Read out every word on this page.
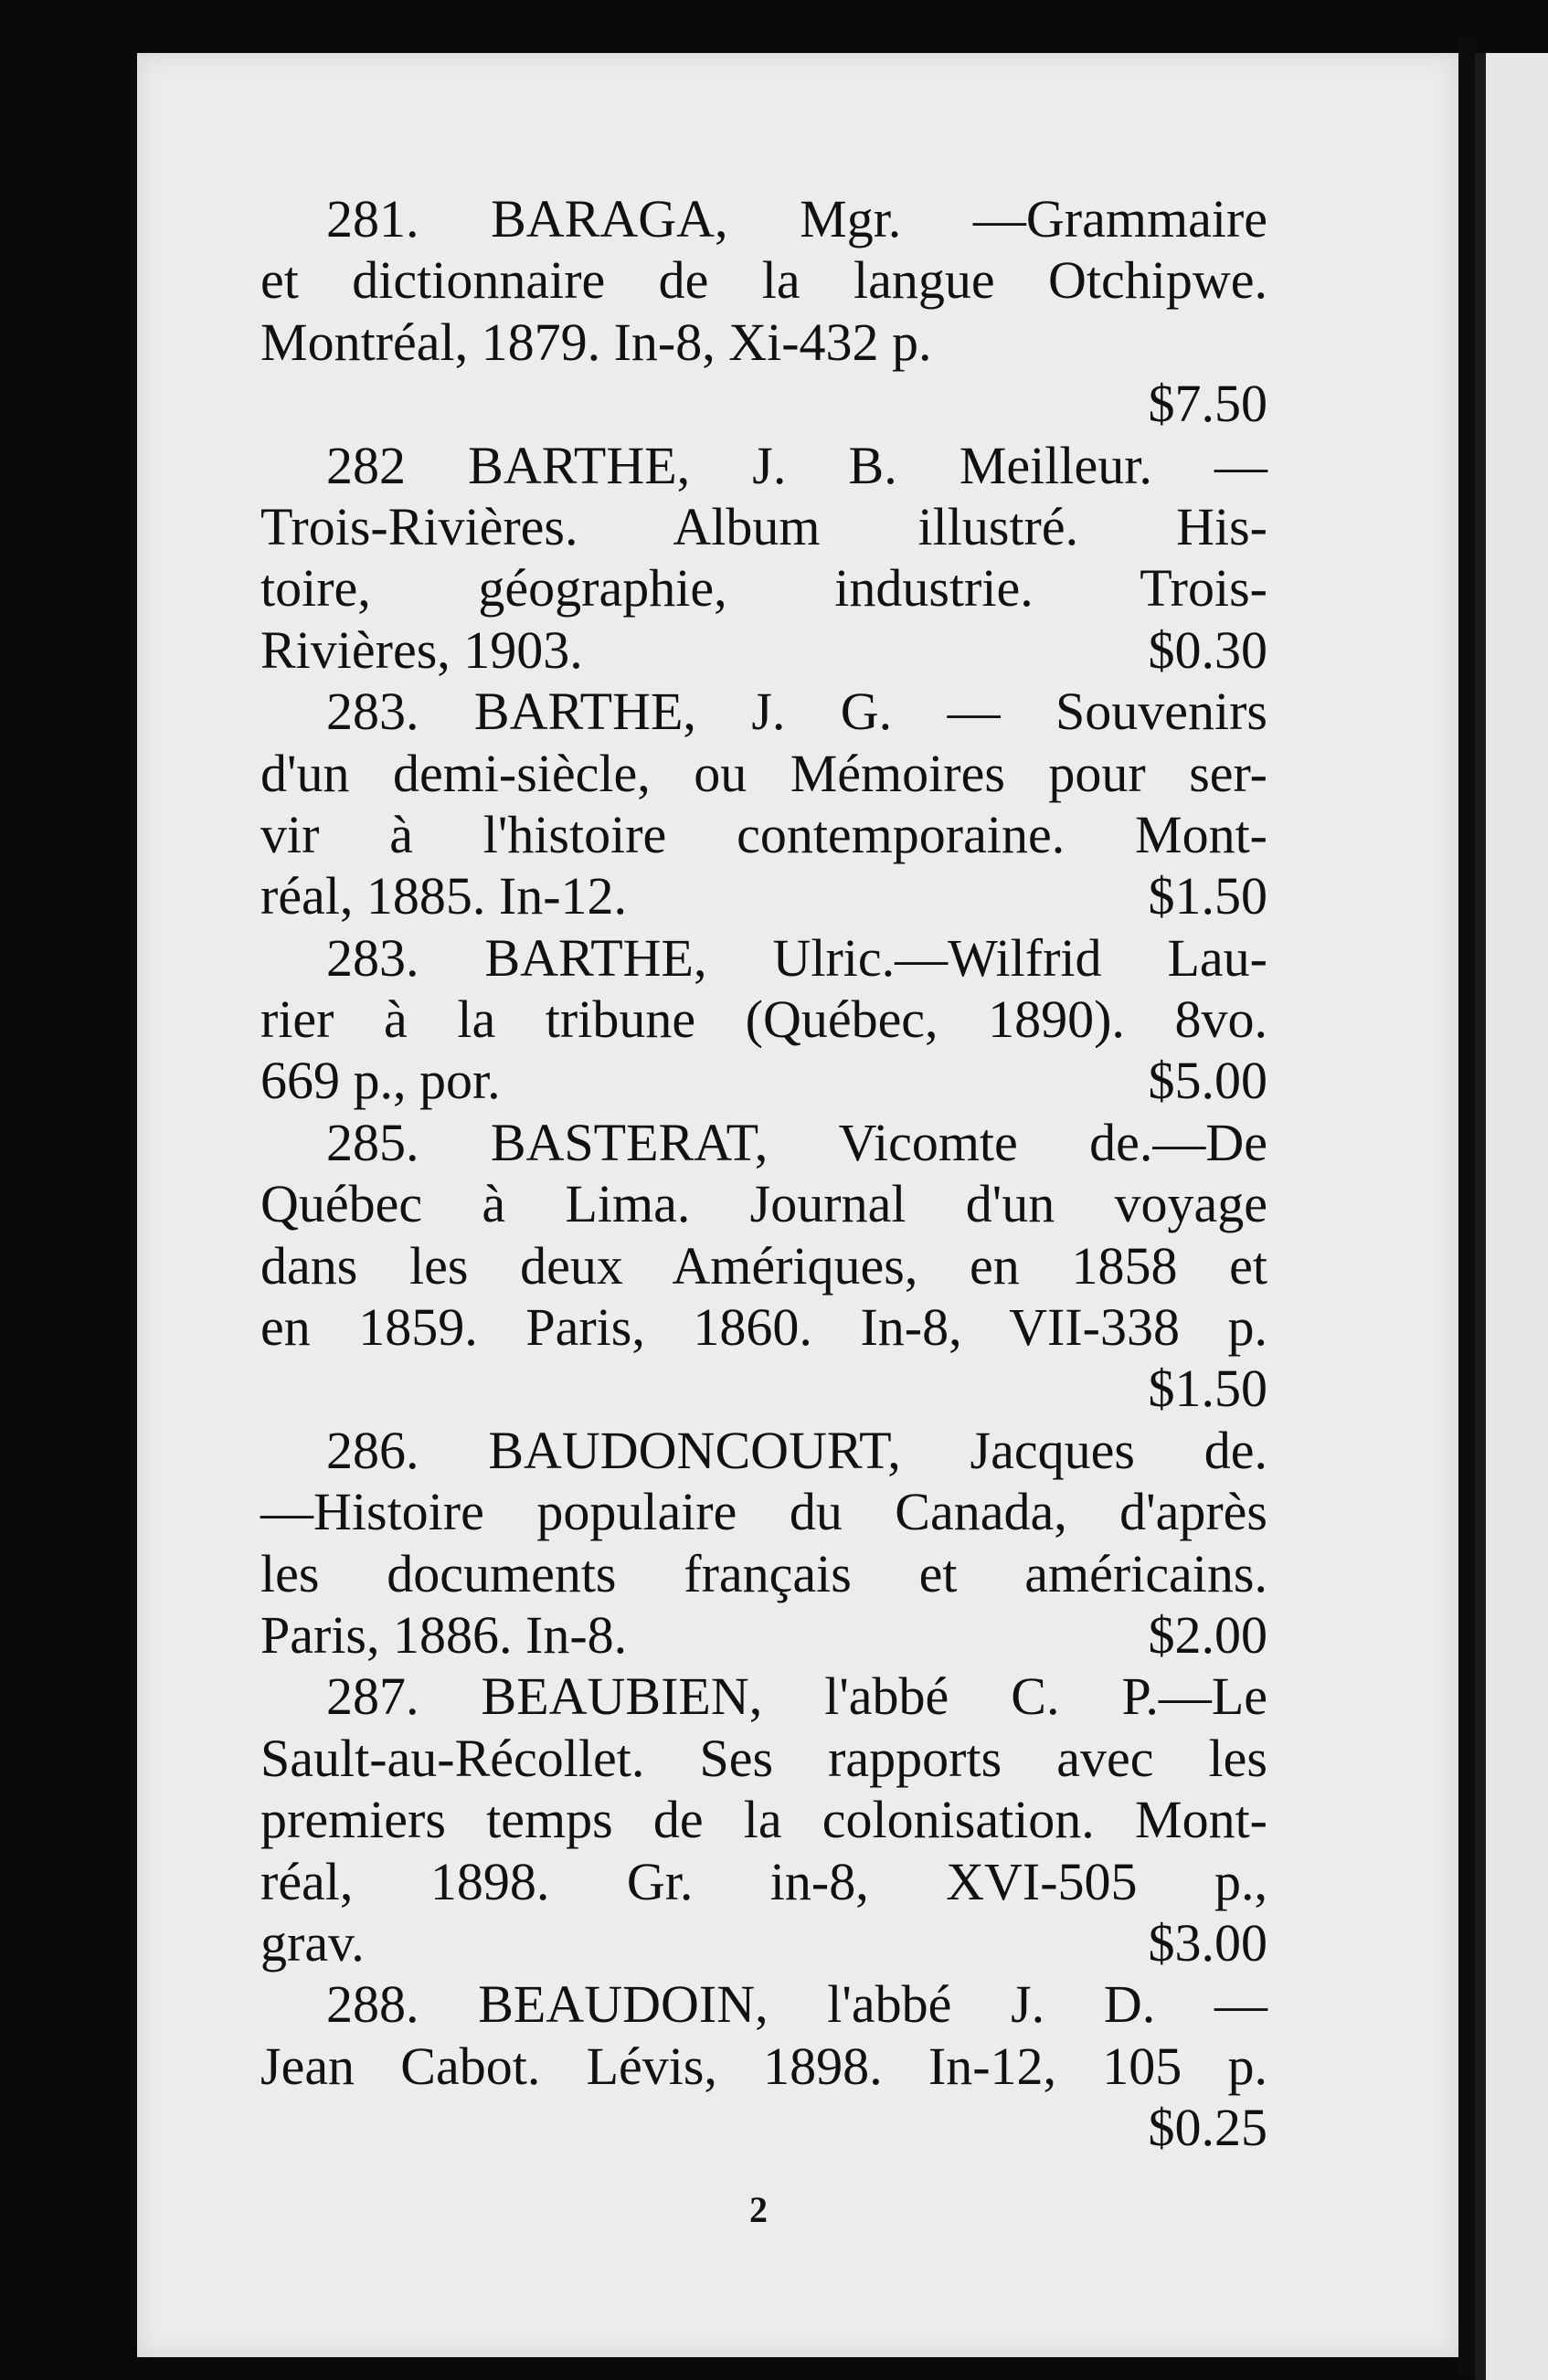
281. BARAGA, Mgr. —Grammaire
et dictionnaire de la langue Otchipwe.
Montréal, 1879. In-8, Xi-432 p.
$7.50
282 BARTHE, J. B. Meilleur. —
Trois-Rivières. Album illustré. His-
toire, géographie, industrie. Trois-
Rivières, 1903.	$0.30
283. BARTHE, J. G. — Souvenirs
d'un demi-siècle, ou Mémoires pour ser-
vir à l'histoire contemporaine. Mont-
réal, 1885. In-12.	$1.50
283. BARTHE, Ulric.—Wilfrid Lau-
rier à la tribune (Québec, 1890). 8vo.
669 p., por.	$5.00
285. BASTERAT, Vicomte de.—De
Québec à Lima. Journal d'un voyage
dans les deux Amériques, en 1858 et
en 1859. Paris, 1860. In-8, VII-338 p.
$1.50
286. BAUDONCOURT, Jacques de.
—Histoire populaire du Canada, d'après
les documents français et américains.
Paris, 1886. In-8.	$2.00
287. BEAUBIEN, l'abbé C. P.—Le
Sault-au-Récollet. Ses rapports avec les
premiers temps de la colonisation. Mont-
réal, 1898. Gr. in-8, XVI-505 p.,
grav.	$3.00
288. BEAUDOIN, l'abbé J. D. —
Jean Cabot. Lévis, 1898. In-12, 105 p.
$0.25
2
